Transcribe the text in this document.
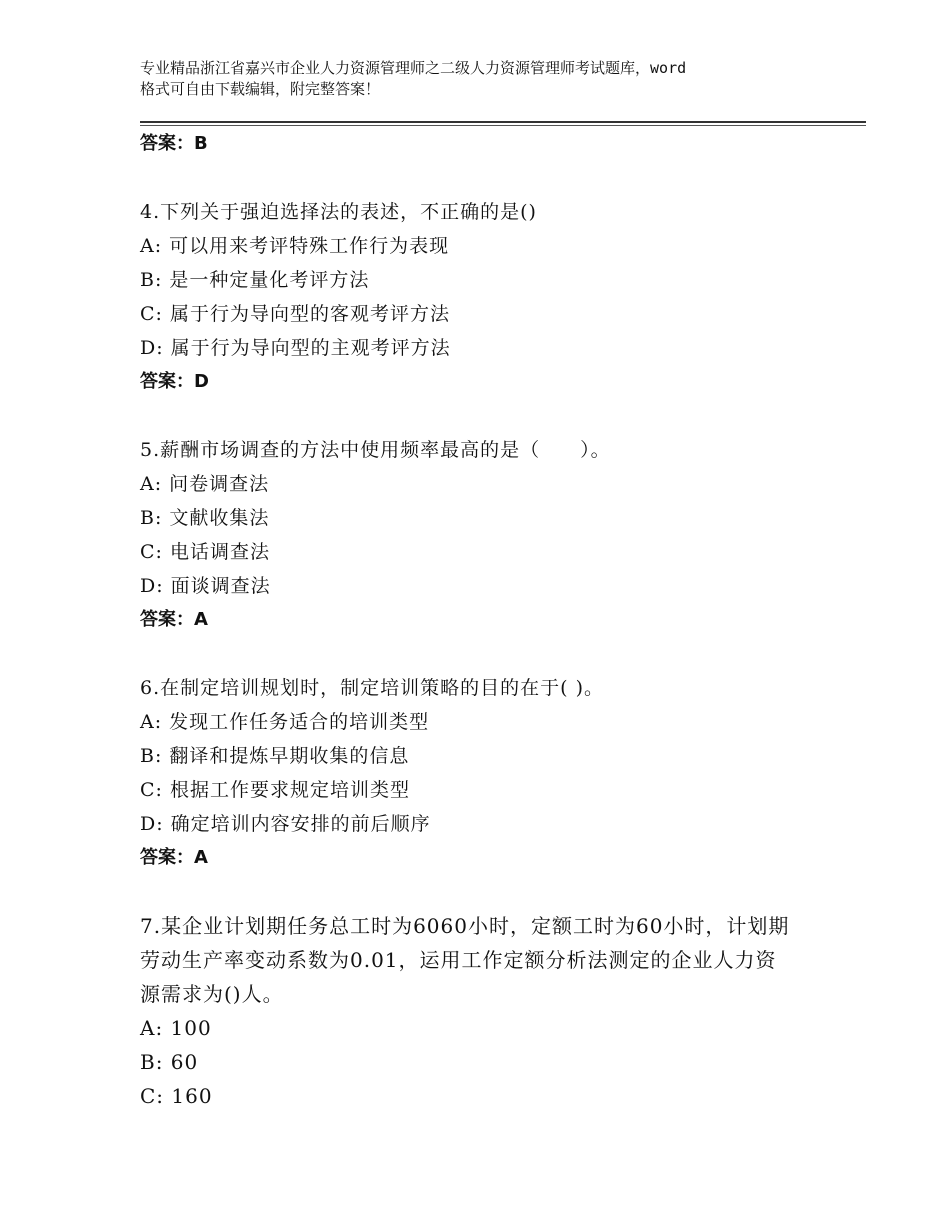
专业精品浙江省嘉兴市企业人力资源管理师之二级人力资源管理师考试题库，word
格式可自由下载编辑，附完整答案！
答案：B
4.下列关于强迫选择法的表述，不正确的是()
A: 可以用来考评特殊工作行为表现
B: 是一种定量化考评方法
C: 属于行为导向型的客观考评方法
D: 属于行为导向型的主观考评方法
答案：D
5.薪酬市场调查的方法中使用频率最高的是（　　）。
A: 问卷调查法
B: 文献收集法
C: 电话调查法
D: 面谈调查法
答案：A
6.在制定培训规划时，制定培训策略的目的在于( )。
A: 发现工作任务适合的培训类型
B: 翻译和提炼早期收集的信息
C: 根据工作要求规定培训类型
D: 确定培训内容安排的前后顺序
答案：A
7.某企业计划期任务总工时为6060小时，定额工时为60小时，计划期
劳动生产率变动系数为0.01，运用工作定额分析法测定的企业人力资
源需求为()人。
A: 100
B: 60
C: 160
